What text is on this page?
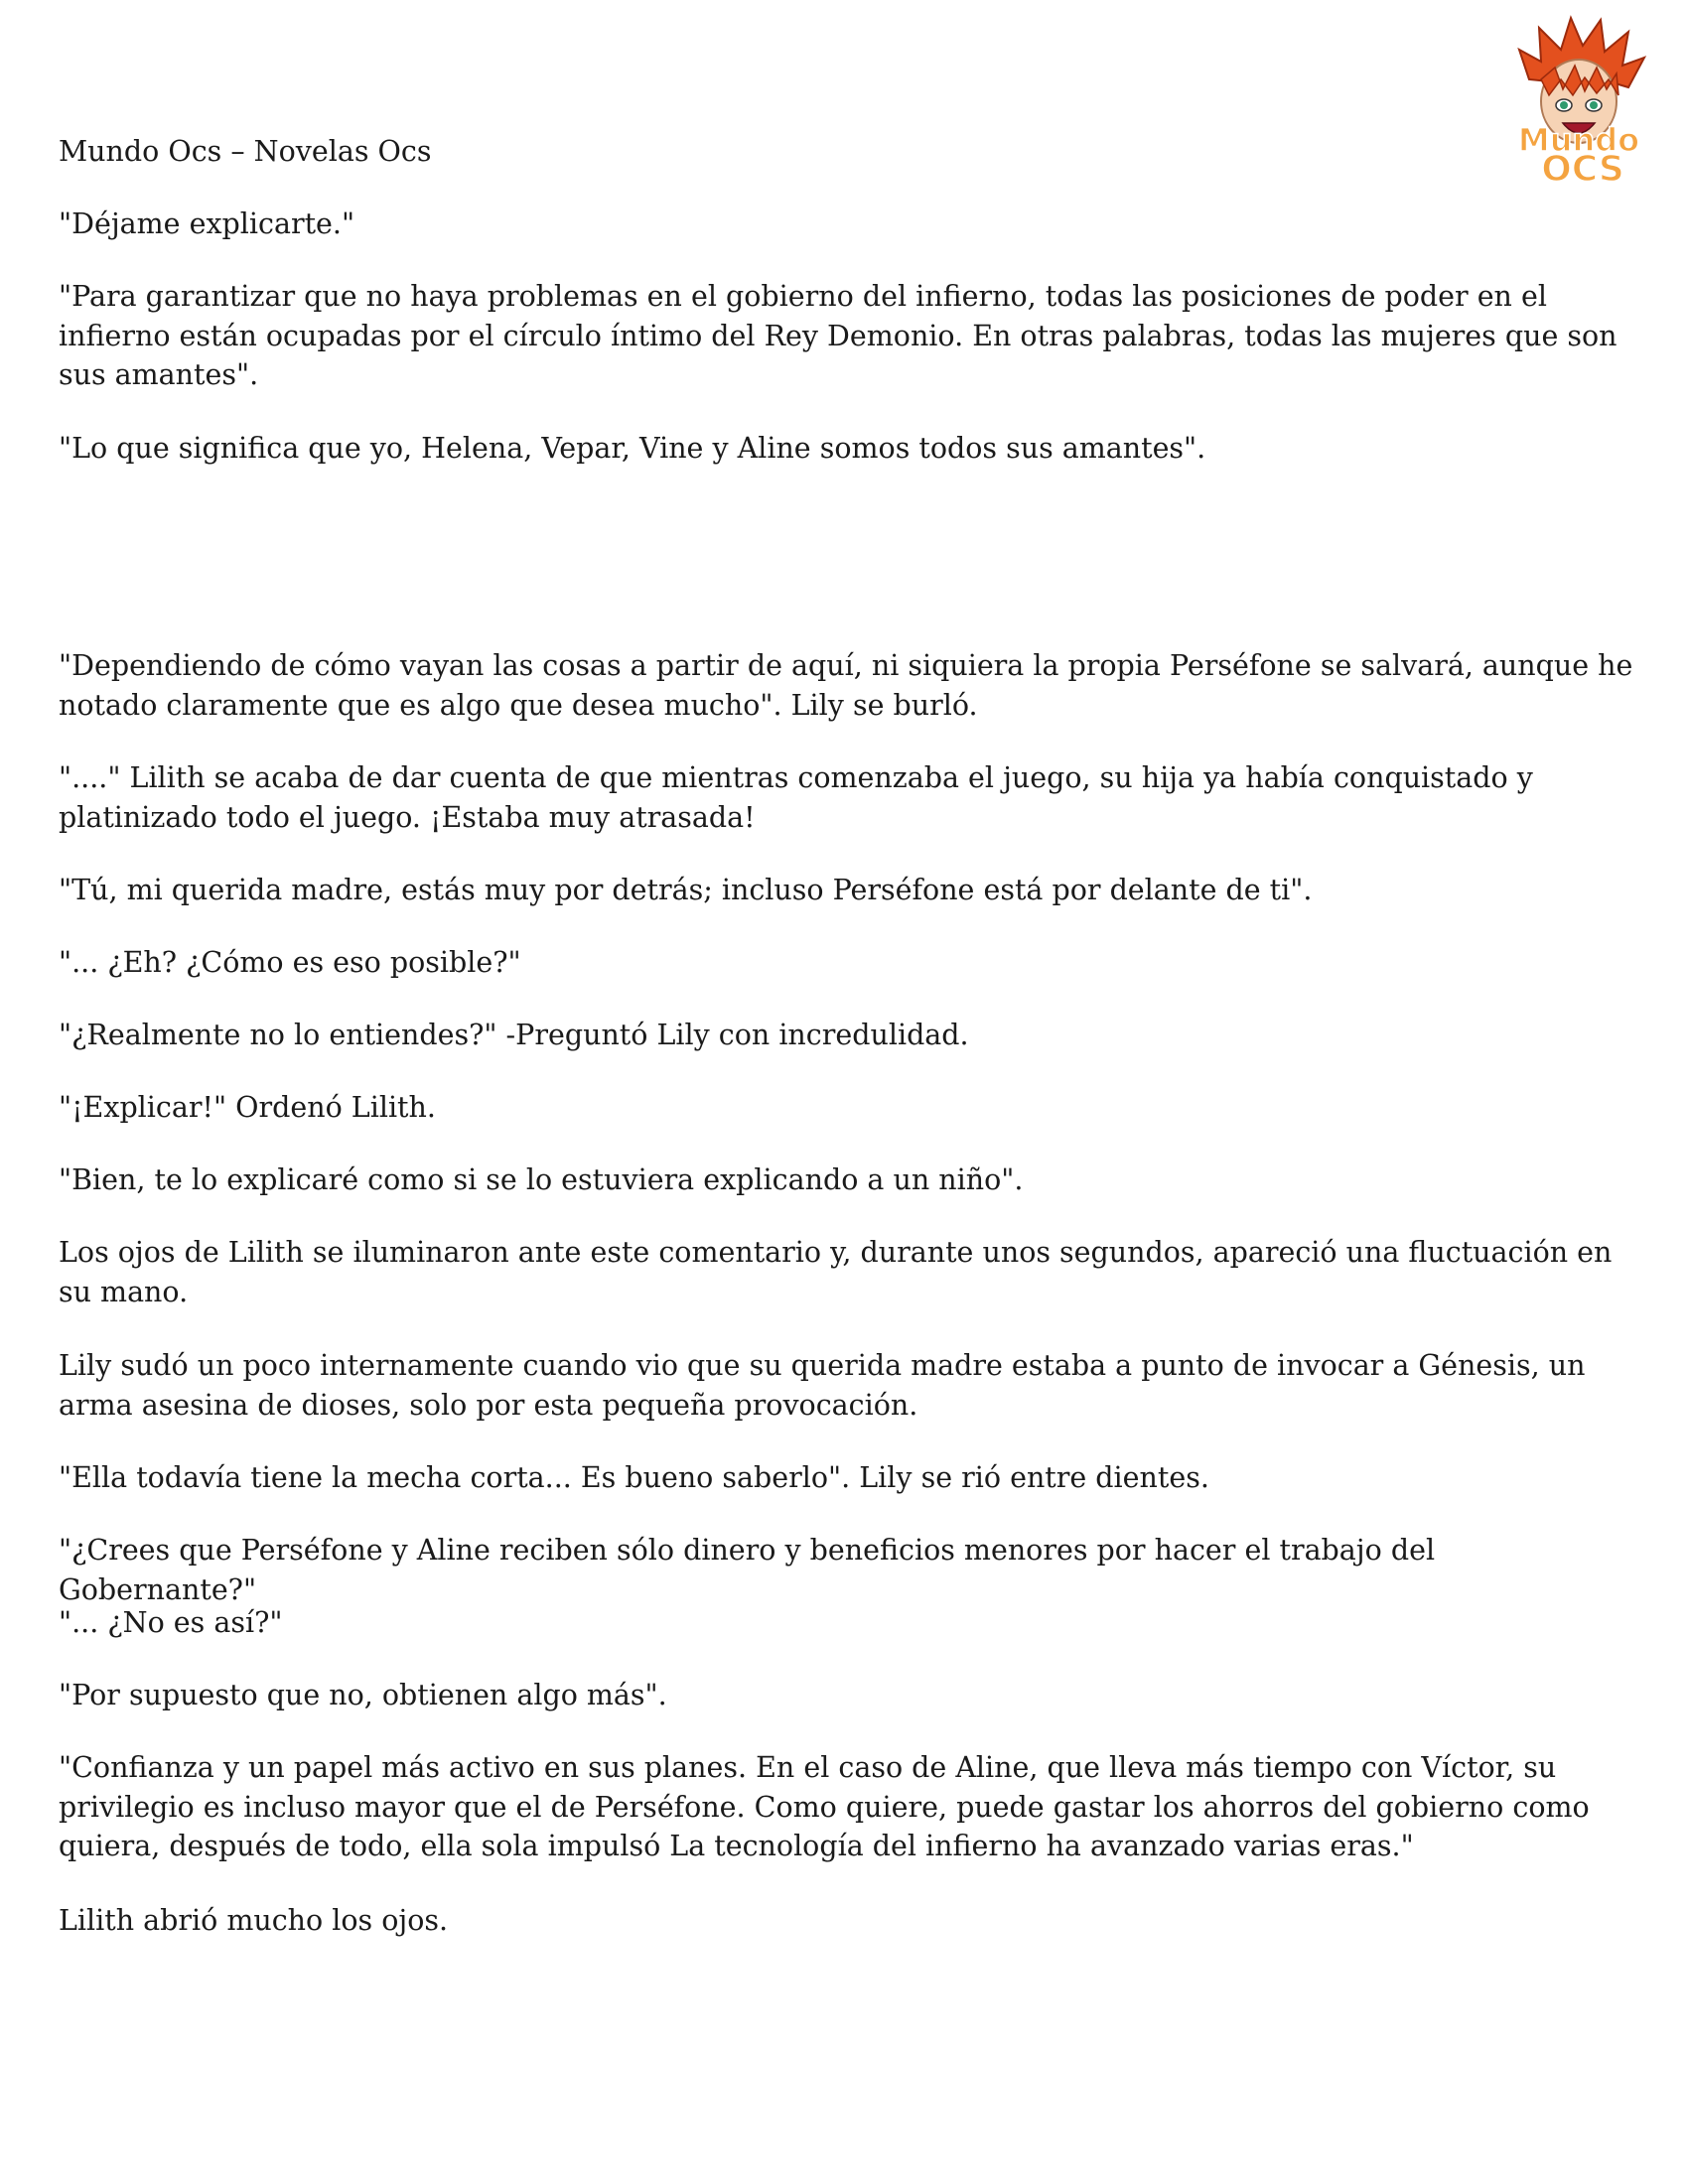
Mundo
OCS

Mundo Ocs – Novelas Ocs

"Déjame explicarte."

"Para garantizar que no haya problemas en el gobierno del infierno, todas las posiciones de poder en el infierno están ocupadas por el círculo íntimo del Rey Demonio. En otras palabras, todas las mujeres que son sus amantes".

"Lo que significa que yo, Helena, Vepar, Vine y Aline somos todos sus amantes".

"Dependiendo de cómo vayan las cosas a partir de aquí, ni siquiera la propia Perséfone se salvará, aunque he notado claramente que es algo que desea mucho". Lily se burló.

"...." Lilith se acaba de dar cuenta de que mientras comenzaba el juego, su hija ya había conquistado y platinizado todo el juego. ¡Estaba muy atrasada!

"Tú, mi querida madre, estás muy por detrás; incluso Perséfone está por delante de ti".

"... ¿Eh? ¿Cómo es eso posible?"

"¿Realmente no lo entiendes?" -Preguntó Lily con incredulidad.

"¡Explicar!" Ordenó Lilith.

"Bien, te lo explicaré como si se lo estuviera explicando a un niño".

Los ojos de Lilith se iluminaron ante este comentario y, durante unos segundos, apareció una fluctuación en su mano.

Lily sudó un poco internamente cuando vio que su querida madre estaba a punto de invocar a Génesis, un arma asesina de dioses, solo por esta pequeña provocación.

"Ella todavía tiene la mecha corta... Es bueno saberlo". Lily se rió entre dientes.

"¿Crees que Perséfone y Aline reciben sólo dinero y beneficios menores por hacer el trabajo del Gobernante?"

"... ¿No es así?"

"Por supuesto que no, obtienen algo más".

"Confianza y un papel más activo en sus planes. En el caso de Aline, que lleva más tiempo con Víctor, su privilegio es incluso mayor que el de Perséfone. Como quiere, puede gastar los ahorros del gobierno como quiera, después de todo, ella sola impulsó La tecnología del infierno ha avanzado varias eras."

Lilith abrió mucho los ojos.
